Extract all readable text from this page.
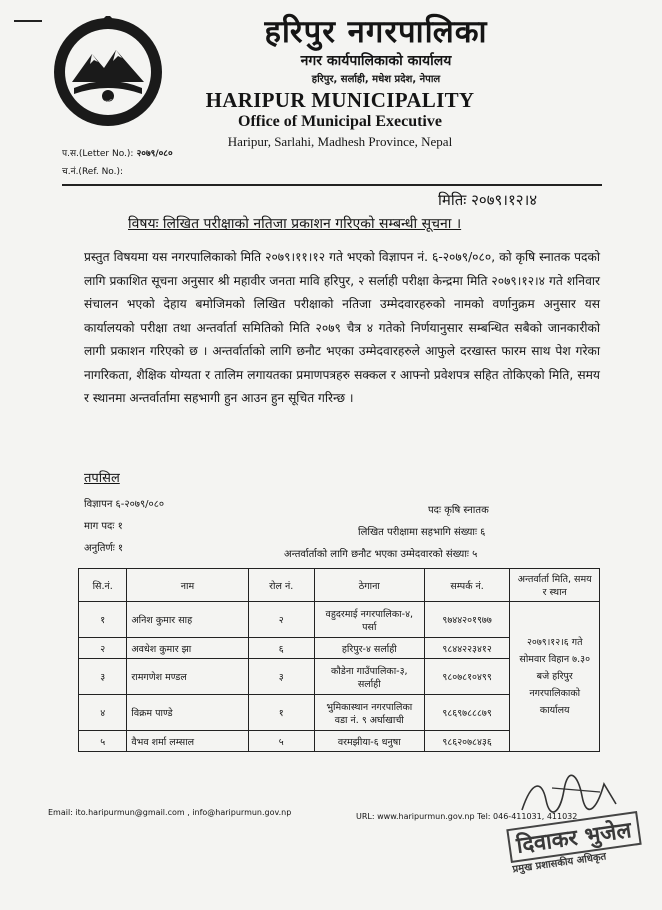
हरिपुर नगरपालिका सर्लाही
हरिपुर नगरपालिका
नगर कार्यपालिकाको कार्यालय
हरिपुर, सर्लाही, मधेश प्रदेश, नेपाल
HARIPUR MUNICIPALITY
Office of Municipal Executive
Haripur, Sarlahi, Madhesh Province, Nepal
प.स.(Letter No.): २०७९/०८०
च.नं.(Ref. No.):
मितिः २०७९।१२।४
विषयः लिखित परीक्षाको नतिजा प्रकाशन गरिएको सम्बन्धी सूचना ।
प्रस्तुत विषयमा यस नगरपालिकाको मिति २०७९।११।१२ गते भएको विज्ञापन नं. ६-२०७९/०८०, को कृषि स्नातक पदको लागि प्रकाशित सूचना अनुसार श्री महावीर जनता मावि हरिपुर, २ सर्लाही परीक्षा केन्द्रमा मिति २०७९।१२।४ गते शनिवार संचालन भएको देहाय बमोजिमको लिखित परीक्षाको नतिजा उम्मेदवारहरुको नामको वर्णानुक्रम अनुसार यस कार्यालयको परीक्षा तथा अन्तर्वार्ता समितिको मिति २०७९ चैत्र ४ गतेको निर्णयानुसार सम्बन्धित सबैको जानकारीको लागी प्रकाशन गरिएको छ । अन्तर्वार्ताको लागि छनौट भएका उम्मेदवारहरुले आफुले दरखास्त फारम साथ पेश गरेका नागरिकता, शैक्षिक योग्यता र तालिम लगायतका प्रमाणपत्रहरु सक्कल र आफ्नो प्रवेशपत्र सहित तोकिएको मिति, समय र स्थानमा अन्तर्वार्तामा सहभागी हुन आउन हुन सूचित गरिन्छ ।
तपसिल
विज्ञापन ६-२०७९/०८०
माग पदः १
अनुतिर्णः १
पदः कृषि स्नातक
लिखित परीक्षामा सहभागि संख्याः ६
अन्तर्वार्ताको लागि छनौट भएका उम्मेदवारको संख्याः ५
सि.नं.	नाम	रोल नं.	ठेगाना	सम्पर्क नं.	अन्तर्वार्ता मिति, समय र स्थान
१	अनिश कुमार साह	२	वहुदरमाई नगरपालिका-४, पर्सा	९७४४२०१९७७	२०७९।१२।६ गते सोमवार विहान ७.३० बजे हरिपुर नगरपालिकाको कार्यालय
२	अवधेश कुमार झा	६	हरिपुर-४ सर्लाही	९८४४२२३४१२	
३	रामगणेश मण्डल	३	कौडेना गाउँपालिका-३, सर्लाही	९८०७८१०४९९	
४	विक्रम पाण्डे	१	भुमिकास्थान नगरपालिका वडा नं. ९ अर्घाखाची	९८६९७८८८७९	
५	वैभव शर्मा लम्साल	५	वरमझीया-६ धनुषा	९८६२०७८४३६	
Email: ito.haripurmun@gmail.com , info@haripurmun.gov.np	URL: www.haripurmun.gov.np Tel: 046-411031, 411032
दिवाकर भुजेल
प्रमुख प्रशासकीय अधिकृत
